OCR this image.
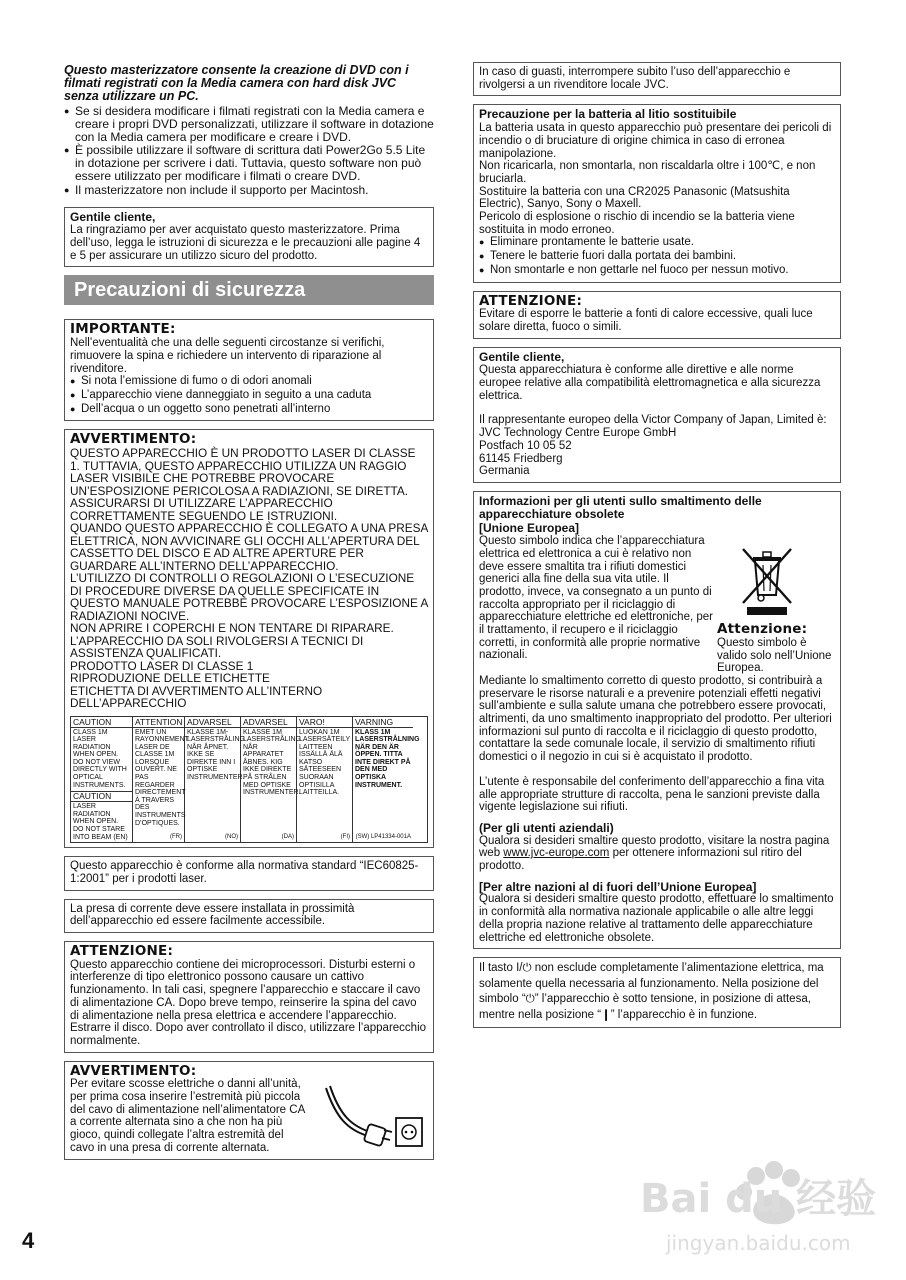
Questo masterizzatore consente la creazione di DVD con i filmati registrati con la Media camera con hard disk JVC senza utilizzare un PC.

● Se si desidera modificare i filmati registrati con la Media camera e creare i propri DVD personalizzati, utilizzare il software in dotazione con la Media camera per modificare e creare i DVD.
● È possibile utilizzare il software di scrittura dati Power2Go 5.5 Lite in dotazione per scrivere i dati. Tuttavia, questo software non può essere utilizzato per modificare i filmati o creare DVD.
● Il masterizzatore non include il supporto per Macintosh.
Gentile cliente,

La ringraziamo per aver acquistato questo masterizzatore. Prima dell’uso, legga le istruzioni di sicurezza e le precauzioni alle pagine 4 e 5 per assicurare un utilizzo sicuro del prodotto.

Precauzioni di sicurezza
IMPORTANTE:

Nell’eventualità che una delle seguenti circostanze si verifichi, rimuovere la spina e richiedere un intervento di riparazione al rivenditore.

● Si nota l’emissione di fumo o di odori anomali
● L’apparecchio viene danneggiato in seguito a una caduta
● Dell’acqua o un oggetto sono penetrati all’interno
AVVERTIMENTO:

QUESTO APPARECCHIO È UN PRODOTTO LASER DI CLASSE 1. TUTTAVIA, QUESTO APPARECCHIO UTILIZZA UN RAGGIO LASER VISIBILE CHE POTREBBE PROVOCARE UN’ESPOSIZIONE PERICOLOSA A RADIAZIONI, SE DIRETTA. ASSICURARSI DI UTILIZZARE L’APPARECCHIO CORRETTAMENTE SEGUENDO LE ISTRUZIONI.

QUANDO QUESTO APPARECCHIO È COLLEGATO A UNA PRESA ELETTRICA, NON AVVICINARE GLI OCCHI ALL’APERTURA DEL CASSETTO DEL DISCO E AD ALTRE APERTURE PER GUARDARE ALL’INTERNO DELL’APPARECCHIO.

L’UTILIZZO DI CONTROLLI O REGOLAZIONI O L’ESECUZIONE DI PROCEDURE DIVERSE DA QUELLE SPECIFICATE IN QUESTO MANUALE POTREBBE PROVOCARE L’ESPOSIZIONE A RADIAZIONI NOCIVE.

NON APRIRE I COPERCHI E NON TENTARE DI RIPARARE. L’APPARECCHIO DA SOLI RIVOLGERSI A TECNICI DI ASSISTENZA QUALIFICATI.

PRODOTTO LASER DI CLASSE 1

RIPRODUZIONE DELLE ETICHETTE

ETICHETTA DI AVVERTIMENTO ALL’INTERNO DELL’APPARECCHIO

CAUTION
CLASS 1M LASER RADIATION WHEN OPEN. DO NOT VIEW DIRECTLY WITH OPTICAL INSTRUMENTS.
CAUTION
LASER RADIATION WHEN OPEN. DO NOT STARE INTO BEAM (EN)
ATTENTION
EMET UN RAYONNEMENT LASER DE CLASSE 1M LORSQUE OUVERT. NE PAS REGARDER DIRECTEMENT À TRAVERS DES INSTRUMENTS D’OPTIQUES.
(FR)
ADVARSEL
KLASSE 1M-LASERSTRÅLING NÅR ÅPNET. IKKE SE DIREKTE INN I OPTISKE INSTRUMENTER.
(NO)
ADVARSEL
KLASSE 1M LASERSTRÅLING NÅR APPARATET ÅBNES. KIG IKKE DIREKTE PÅ STRÅLEN MED OPTISKE INSTRUMENTER.
(DA)
VARO!
LUOKAN 1M LASERSÄTEILY LAITTEEN ISSÄLLÄ ÄLÄ KATSO SÄTEESEEN SUORAAN OPTISILLA LAITTEILLA.
(FI)
VARNING
KLASS 1M LASERSTRÅLNING NÄR DEN ÄR ÖPPEN. TITTA INTE DIREKT PÅ DEN MED OPTISKA INSTRUMENT.
(SW) LP41334-001A

Questo apparecchio è conforme alla normativa standard “IEC60825-1:2001” per i prodotti laser.

La presa di corrente deve essere installata in prossimità dell’apparecchio ed essere facilmente accessibile.

ATTENZIONE:

Questo apparecchio contiene dei microprocessori. Disturbi esterni o interferenze di tipo elettronico possono causare un cattivo funzionamento. In tali casi, spegnere l’apparecchio e staccare il cavo di alimentazione CA. Dopo breve tempo, reinserire la spina del cavo di alimentazione nella presa elettrica e accendere l’apparecchio. Estrarre il disco. Dopo aver controllato il disco, utilizzare l’apparecchio normalmente.

AVVERTIMENTO:

Per evitare scosse elettriche o danni all’unità, per prima cosa inserire l’estremità più piccola del cavo di alimentazione nell’alimentatore CA a corrente alternata sino a che non ha più gioco, quindi collegate l’altra estremità del cavo in una presa di corrente alternata.

In caso di guasti, interrompere subito l’uso dell’apparecchio e rivolgersi a un rivenditore locale JVC.

Precauzione per la batteria al litio sostituibile

La batteria usata in questo apparecchio può presentare dei pericoli di incendio o di bruciature di origine chimica in caso di erronea manipolazione.

Non ricaricarla, non smontarla, non riscaldarla oltre i 100℃, e non bruciarla.

Sostituire la batteria con una CR2025 Panasonic (Matsushita Electric), Sanyo, Sony o Maxell.

Pericolo di esplosione o rischio di incendio se la batteria viene sostituita in modo erroneo.

● Eliminare prontamente le batterie usate.
● Tenere le batterie fuori dalla portata dei bambini.
● Non smontarle e non gettarle nel fuoco per nessun motivo.
ATTENZIONE:

Evitare di esporre le batterie a fonti di calore eccessive, quali luce solare diretta, fuoco o simili.

Gentile cliente,

Questa apparecchiatura è conforme alle direttive e alle norme europee relative alla compatibilità elettromagnetica e alla sicurezza elettrica.

Il rappresentante europeo della Victor Company of Japan, Limited è:

JVC Technology Centre Europe GmbH

Postfach 10 05 52

61145 Friedberg

Germania

Informazioni per gli utenti sullo smaltimento delle apparecchiature obsolete
[Unione Europea]

Questo simbolo indica che l’apparecchiatura elettrica ed elettronica a cui è relativo non deve essere smaltita tra i rifiuti domestici generici alla fine della sua vita utile. Il prodotto, invece, va consegnato a un punto di raccolta appropriato per il riciclaggio di apparecchiature elettriche ed elettroniche, per il trattamento, il recupero e il riciclaggio corretti, in conformità alle proprie normative nazionali.

Attenzione:

Questo simbolo è valido solo nell’Unione Europea.

Mediante lo smaltimento corretto di questo prodotto, si contribuirà a preservare le risorse naturali e a prevenire potenziali effetti negativi sull’ambiente e sulla salute umana che potrebbero essere provocati, altrimenti, da uno smaltimento inappropriato del prodotto. Per ulteriori informazioni sul punto di raccolta e il riciclaggio di questo prodotto, contattare la sede comunale locale, il servizio di smaltimento rifiuti domestici o il negozio in cui si è acquistato il prodotto.

L’utente è responsabile del conferimento dell’apparecchio a fina vita alle appropriate strutture di raccolta, pena le sanzioni previste dalla vigente legislazione sui rifiuti.

(Per gli utenti aziendali)

Qualora si desideri smaltire questo prodotto, visitare la nostra pagina web www.jvc-europe.com per ottenere informazioni sul ritiro del prodotto.

[Per altre nazioni al di fuori dell’Unione Europea]

Qualora si desideri smaltire questo prodotto, effettuare lo smaltimento in conformità alla normativa nazionale applicabile o alle altre leggi della propria nazione relative al trattamento delle apparecchiature elettriche ed elettroniche obsolete.

Il tasto I/⏻ non esclude completamente l’alimentazione elettrica, ma solamente quella necessaria al funzionamento. Nella posizione del simbolo “⏻” l’apparecchio è sotto tensione, in posizione di attesa, mentre nella posizione “❙” l’apparecchio è in funzione.

4
Bai du 经验
jingyan.baidu.com
